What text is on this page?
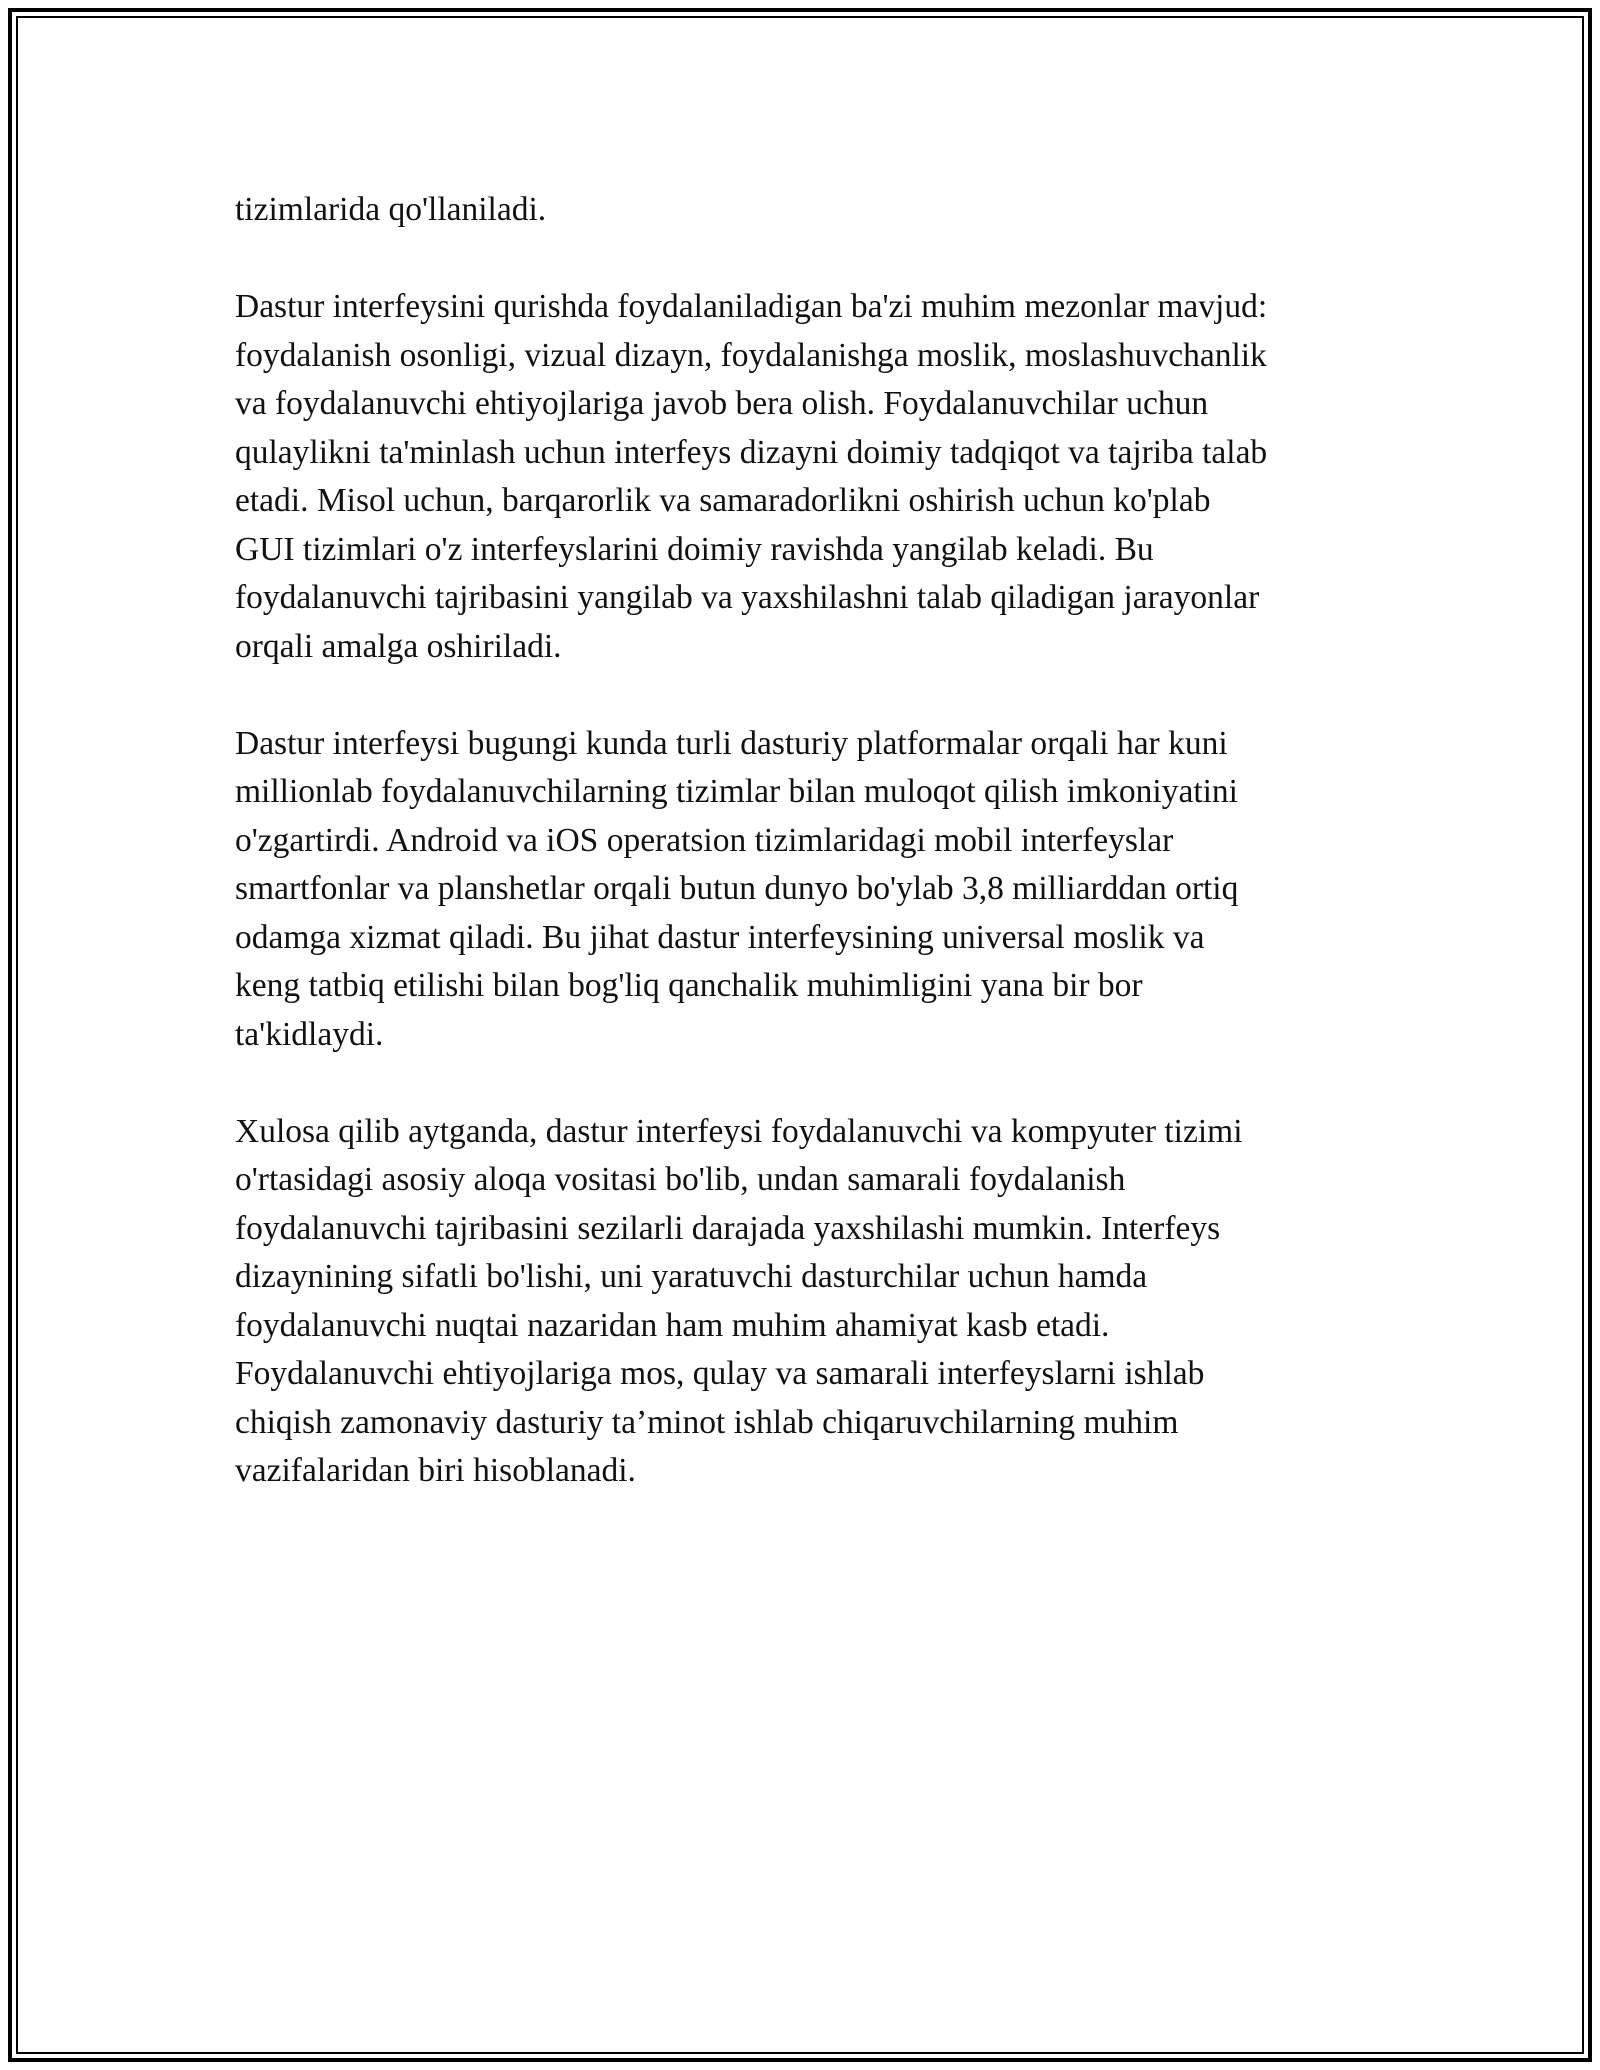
tizimlarida qo'llaniladi.

Dastur interfeysini qurishda foydalaniladigan ba'zi muhim mezonlar mavjud:
foydalanish osonligi, vizual dizayn, foydalanishga moslik, moslashuvchanlik
va foydalanuvchi ehtiyojlariga javob bera olish. Foydalanuvchilar uchun
qulaylikni ta'minlash uchun interfeys dizayni doimiy tadqiqot va tajriba talab
etadi. Misol uchun, barqarorlik va samaradorlikni oshirish uchun ko'plab
GUI tizimlari o'z interfeyslarini doimiy ravishda yangilab keladi. Bu
foydalanuvchi tajribasini yangilab va yaxshilashni talab qiladigan jarayonlar
orqali amalga oshiriladi.

Dastur interfeysi bugungi kunda turli dasturiy platformalar orqali har kuni
millionlab foydalanuvchilarning tizimlar bilan muloqot qilish imkoniyatini
o'zgartirdi. Android va iOS operatsion tizimlaridagi mobil interfeyslar
smartfonlar va planshetlar orqali butun dunyo bo'ylab 3,8 milliarddan ortiq
odamga xizmat qiladi. Bu jihat dastur interfeysining universal moslik va
keng tatbiq etilishi bilan bog'liq qanchalik muhimligini yana bir bor
ta'kidlaydi.

Xulosa qilib aytganda, dastur interfeysi foydalanuvchi va kompyuter tizimi
o'rtasidagi asosiy aloqa vositasi bo'lib, undan samarali foydalanish
foydalanuvchi tajribasini sezilarli darajada yaxshilashi mumkin. Interfeys
dizaynining sifatli bo'lishi, uni yaratuvchi dasturchilar uchun hamda
foydalanuvchi nuqtai nazaridan ham muhim ahamiyat kasb etadi.
Foydalanuvchi ehtiyojlariga mos, qulay va samarali interfeyslarni ishlab
chiqish zamonaviy dasturiy ta’minot ishlab chiqaruvchilarning muhim
vazifalaridan biri hisoblanadi.
